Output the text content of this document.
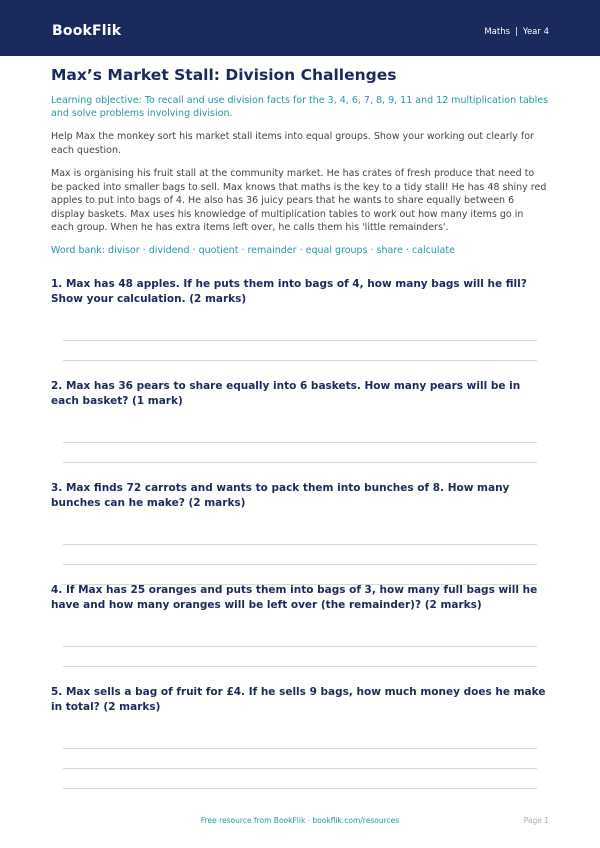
BookFlik	Maths | Year 4
Max’s Market Stall: Division Challenges

Learning objective: To recall and use division facts for the 3, 4, 6, 7, 8, 9, 11 and 12 multiplication tables and solve problems involving division.

Help Max the monkey sort his market stall items into equal groups. Show your working out clearly for each question.

Max is organising his fruit stall at the community market. He has crates of fresh produce that need to be packed into smaller bags to sell. Max knows that maths is the key to a tidy stall! He has 48 shiny red apples to put into bags of 4. He also has 36 juicy pears that he wants to share equally between 6 display baskets. Max uses his knowledge of multiplication tables to work out how many items go in each group. When he has extra items left over, he calls them his 'little remainders'.

Word bank: divisor · dividend · quotient · remainder · equal groups · share · calculate

1. Max has 48 apples. If he puts them into bags of 4, how many bags will he fill? Show your calculation. (2 marks)
2. Max has 36 pears to share equally into 6 baskets. How many pears will be in each basket? (1 mark)
3. Max finds 72 carrots and wants to pack them into bunches of 8. How many bunches can he make? (2 marks)
4. If Max has 25 oranges and puts them into bags of 3, how many full bags will he have and how many oranges will be left over (the remainder)? (2 marks)
5. Max sells a bag of fruit for £4. If he sells 9 bags, how much money does he make in total? (2 marks)
Free resource from BookFlik · bookflik.com/resources	Page 1
